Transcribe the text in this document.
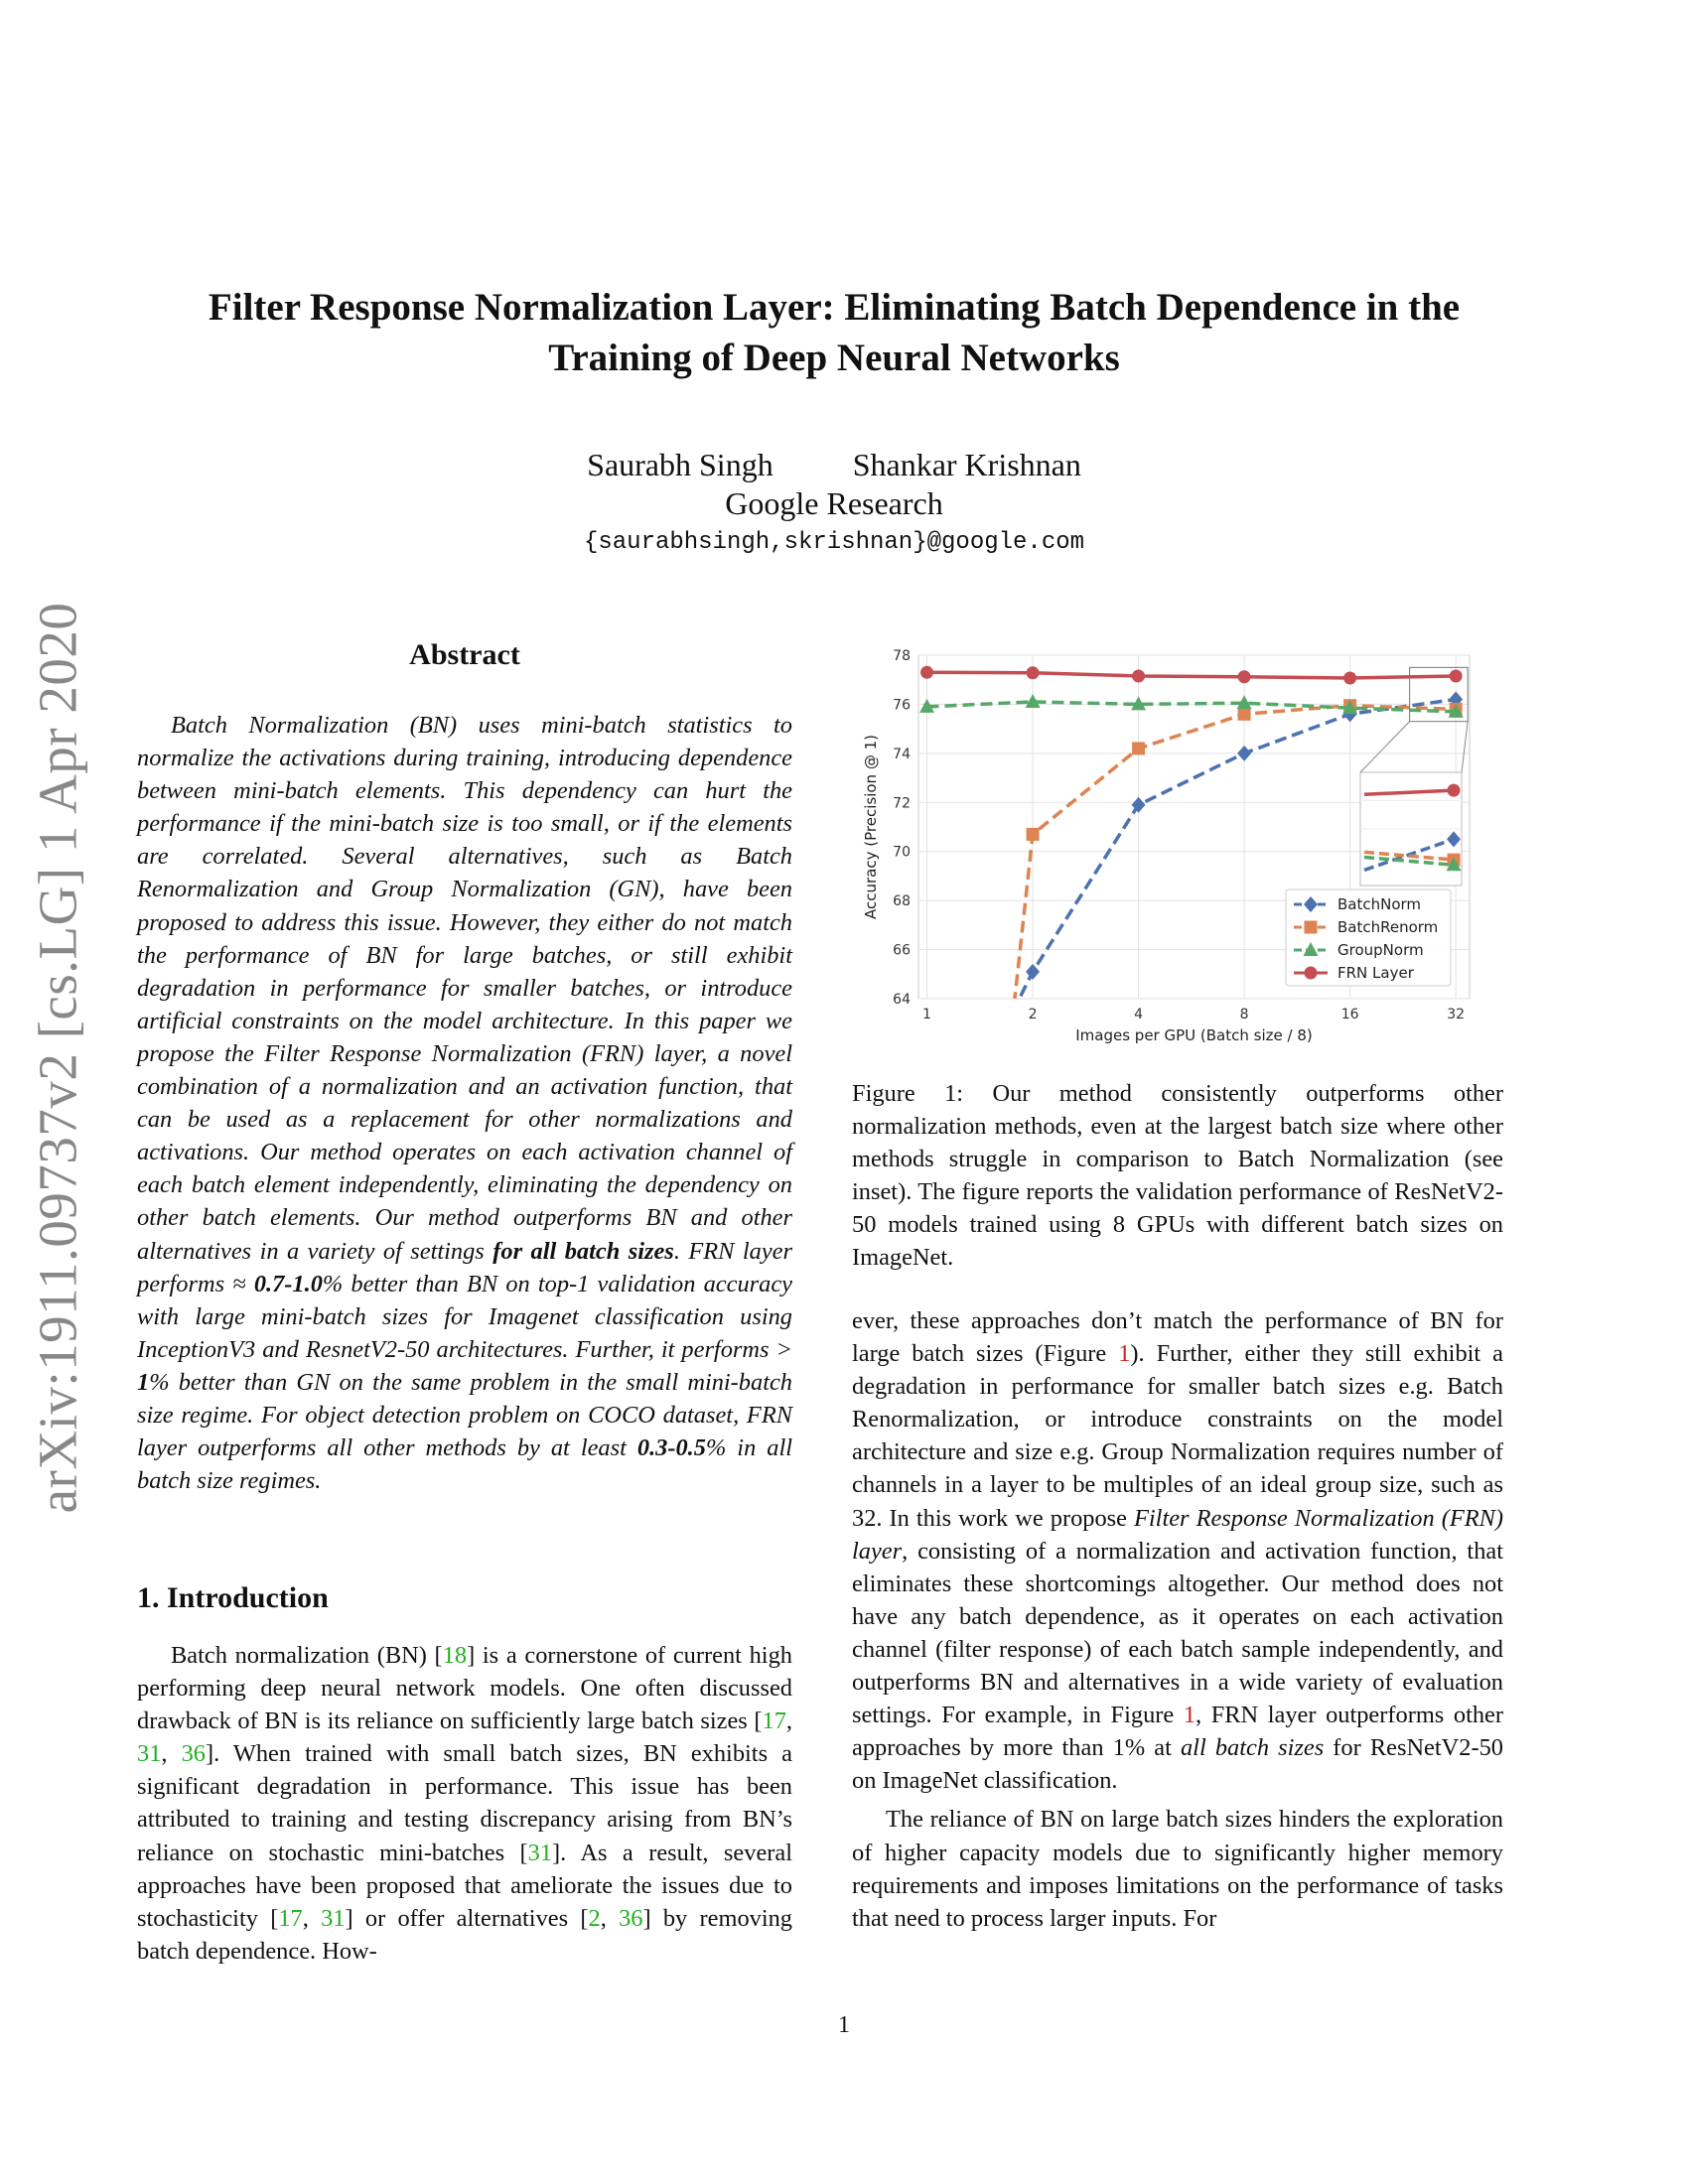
arXiv:1911.09737v2 [cs.LG] 1 Apr 2020
Filter Response Normalization Layer: Eliminating Batch Dependence in the
Training of Deep Neural Networks
Saurabh Singh	Shankar Krishnan
Google Research
{saurabhsingh,skrishnan}@google.com
Abstract

Batch Normalization (BN) uses mini-batch statistics to normalize the activations during training, introducing dependence between mini-batch elements. This dependency can hurt the performance if the mini-batch size is too small, or if the elements are correlated. Several alternatives, such as Batch Renormalization and Group Normalization (GN), have been proposed to address this issue. However, they either do not match the performance of BN for large batches, or still exhibit degradation in performance for smaller batches, or introduce artificial constraints on the model architecture. In this paper we propose the Filter Response Normalization (FRN) layer, a novel combination of a normalization and an activation function, that can be used as a replacement for other normalizations and activations. Our method operates on each activation channel of each batch element independently, eliminating the dependency on other batch elements. Our method outperforms BN and other alternatives in a variety of settings for all batch sizes. FRN layer performs ≈ 0.7-1.0% better than BN on top-1 validation accuracy with large mini-batch sizes for Imagenet classification using InceptionV3 and ResnetV2-50 architectures. Further, it performs > 1% better than GN on the same problem in the small mini-batch size regime. For object detection problem on COCO dataset, FRN layer outperforms all other methods by at least 0.3-0.5% in all batch size regimes.

1. Introduction

Batch normalization (BN) [18] is a cornerstone of current high performing deep neural network models. One often discussed drawback of BN is its reliance on sufficiently large batch sizes [17, 31, 36]. When trained with small batch sizes, BN exhibits a significant degradation in performance. This issue has been attributed to training and testing discrepancy arising from BN’s reliance on stochastic mini-batches [31]. As a result, several approaches have been proposed that ameliorate the issues due to stochasticity [17, 31] or offer alternatives [2, 36] by removing batch dependence. How-

64
66
68
70
72
74
76
78
1	2	4	8	16	32
Images per GPU (Batch size / 8)
Accuracy (Precision @ 1)	BatchNorm
BatchRenorm
GroupNorm
FRN Layer
Figure 1: Our method consistently outperforms other normalization methods, even at the largest batch size where other methods struggle in comparison to Batch Normalization (see inset). The figure reports the validation performance of ResNetV2-50 models trained using 8 GPUs with different batch sizes on ImageNet.

ever, these approaches don’t match the performance of BN for large batch sizes (Figure 1). Further, either they still exhibit a degradation in performance for smaller batch sizes e.g. Batch Renormalization, or introduce constraints on the model architecture and size e.g. Group Normalization requires number of channels in a layer to be multiples of an ideal group size, such as 32. In this work we propose Filter Response Normalization (FRN) layer, consisting of a normalization and activation function, that eliminates these shortcomings altogether. Our method does not have any batch dependence, as it operates on each activation channel (filter response) of each batch sample independently, and outperforms BN and alternatives in a wide variety of evaluation settings. For example, in Figure 1, FRN layer outperforms other approaches by more than 1% at all batch sizes for ResNetV2-50 on ImageNet classification.

The reliance of BN on large batch sizes hinders the exploration of higher capacity models due to significantly higher memory requirements and imposes limitations on the performance of tasks that need to process larger inputs. For

1
